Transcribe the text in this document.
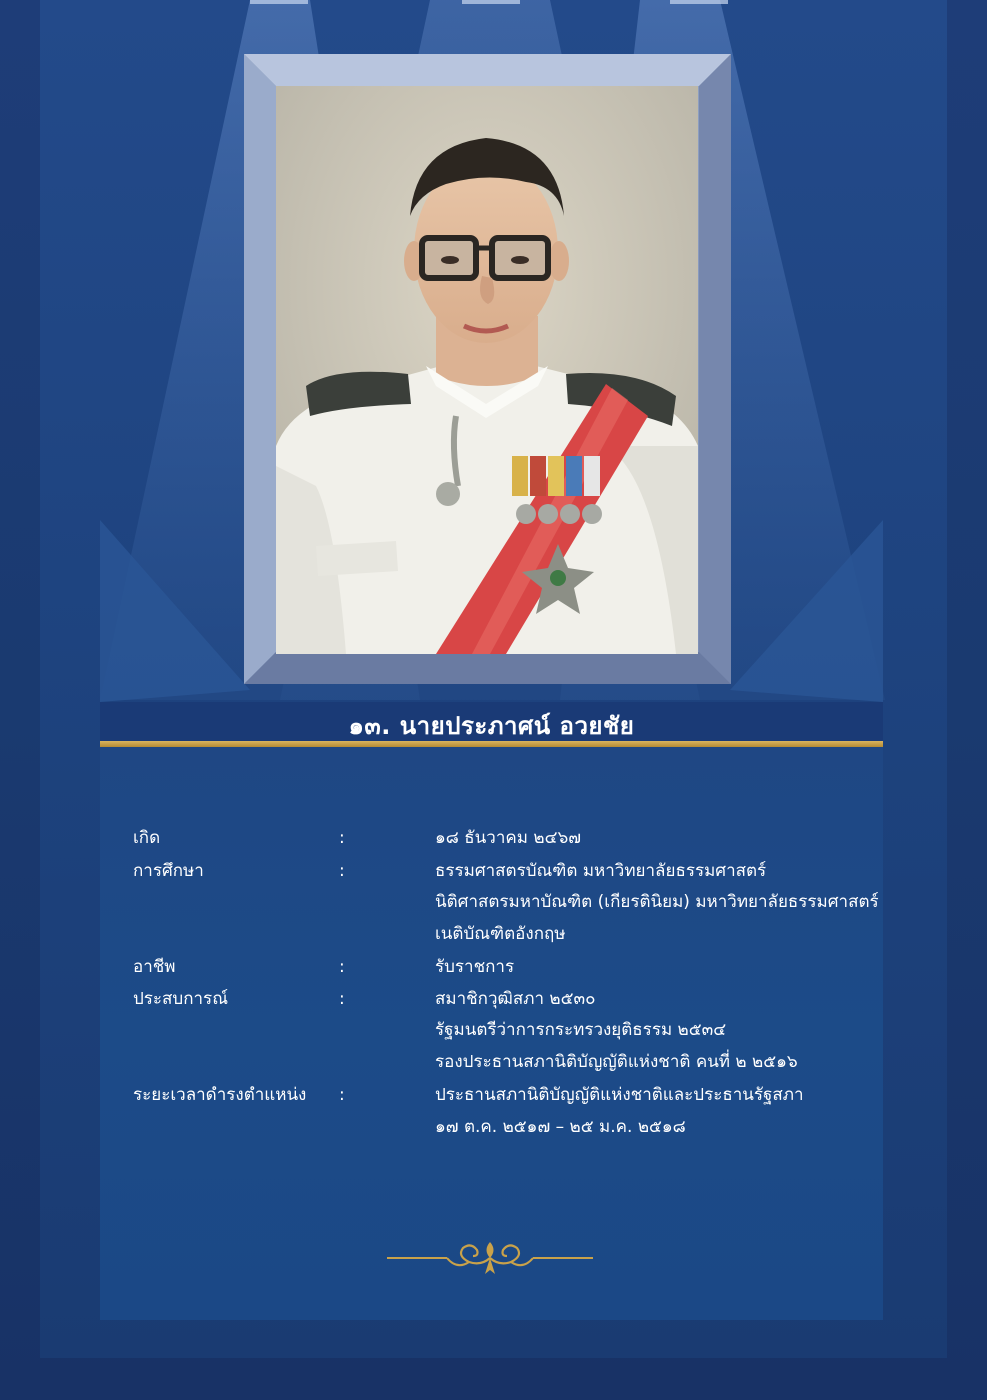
๑๓. นายประภาศน์ อวยชัย
เกิด	:	๑๘ ธันวาคม ๒๔๖๗
การศึกษา	:	ธรรมศาสตรบัณฑิต มหาวิทยาลัยธรรมศาสตร์
นิติศาสตรมหาบัณฑิต (เกียรตินิยม) มหาวิทยาลัยธรรมศาสตร์
เนติบัณฑิตอังกฤษ
อาชีพ	:	รับราชการ
ประสบการณ์	:	สมาชิกวุฒิสภา ๒๕๓๐
รัฐมนตรีว่าการกระทรวงยุติธรรม ๒๕๓๔
รองประธานสภานิติบัญญัติแห่งชาติ คนที่ ๒ ๒๕๑๖
ระยะเวลาดำรงตำแหน่ง :	ประธานสภานิติบัญญัติแห่งชาติและประธานรัฐสภา
๑๗ ต.ค. ๒๕๑๗ – ๒๕ ม.ค. ๒๕๑๘
